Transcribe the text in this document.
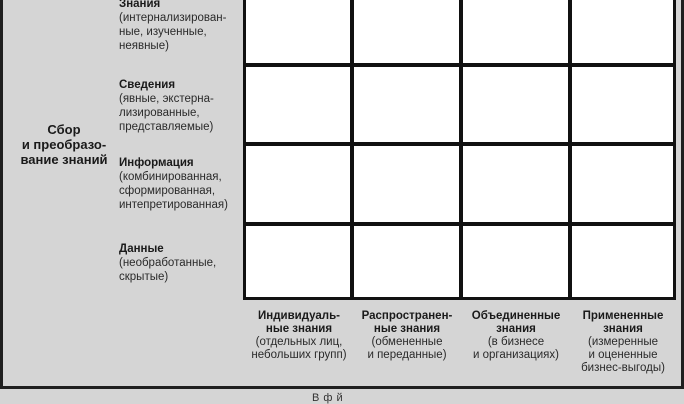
Сбор
и преобразо-
вание знаний
Знания
(интернализирован-
ные, изученные,
неявные)
Сведения
(явные, экстерна-
лизированные,
представляемые)
Информация
(комбинированная,
сформированная,
интепретированная)
Данные
(необработанные,
скрытые)
Индивидуаль-
ные знания
(отдельных лиц,
небольших групп)
Распространен-
ные знания
(обмененные
и переданные)
Объединенные
знания
(в бизнесе
и организациях)
Примененные
знания
(измеренные
и оцененные
бизнес-выгоды)
В ф й
